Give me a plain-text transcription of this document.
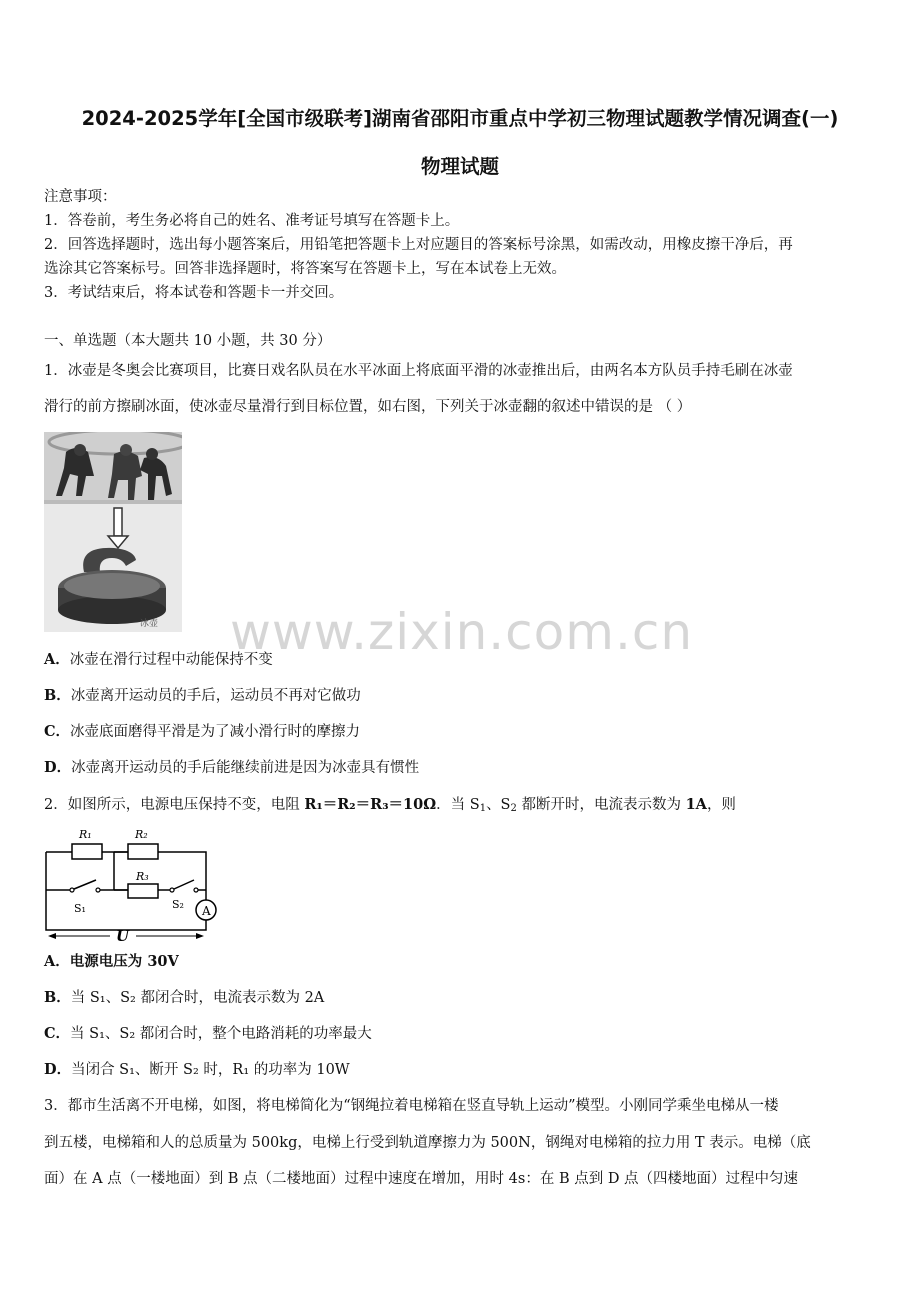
2024-2025学年[全国市级联考]湖南省邵阳市重点中学初三物理试题教学情况调查(一)
物理试题
注意事项：
1．答卷前，考生务必将自己的姓名、准考证号填写在答题卡上。
2．回答选择题时，选出每小题答案后，用铅笔把答题卡上对应题目的答案标号涂黑，如需改动，用橡皮擦干净后，再
选涂其它答案标号。回答非选择题时，将答案写在答题卡上，写在本试卷上无效。
3．考试结束后，将本试卷和答题卡一并交回。
一、单选题（本大题共 10 小题，共 30 分）
1．冰壶是冬奥会比赛项目，比赛日戏名队员在水平冰面上将底面平滑的冰壶推出后，由两名本方队员手持毛刷在冰壶
滑行的前方擦刷冰面，使冰壶尽量滑行到目标位置，如右图，下列关于冰壶翻的叙述中错误的是 （ ）
冰壶 www.zixin.com.cn
A．冰壶在滑行过程中动能保持不变
B．冰壶离开运动员的手后，运动员不再对它做功
C．冰壶底面磨得平滑是为了减小滑行时的摩擦力
D．冰壶离开运动员的手后能继续前进是因为冰壶具有惯性
2．如图所示，电源电压保持不变，电阻 R₁＝R₂＝R₃＝10Ω．当 $S_1$、$S_2$ 都断开时，电流表示数为 1A，则
A
U
R₁	R₂
R₃
S₁	S₂
A．电源电压为 30V
B．当 S₁、S₂ 都闭合时，电流表示数为 2A
C．当 S₁、S₂ 都闭合时，整个电路消耗的功率最大
D．当闭合 S₁、断开 S₂ 时，R₁ 的功率为 10W
3．都市生活离不开电梯，如图，将电梯简化为“钢绳拉着电梯箱在竖直导轨上运动”模型。小刚同学乘坐电梯从一楼
到五楼，电梯箱和人的总质量为 500kg，电梯上行受到轨道摩擦力为 500N，钢绳对电梯箱的拉力用 T 表示。电梯（底
面）在 A 点（一楼地面）到 B 点（二楼地面）过程中速度在增加，用时 4s：在 B 点到 D 点（四楼地面）过程中匀速
